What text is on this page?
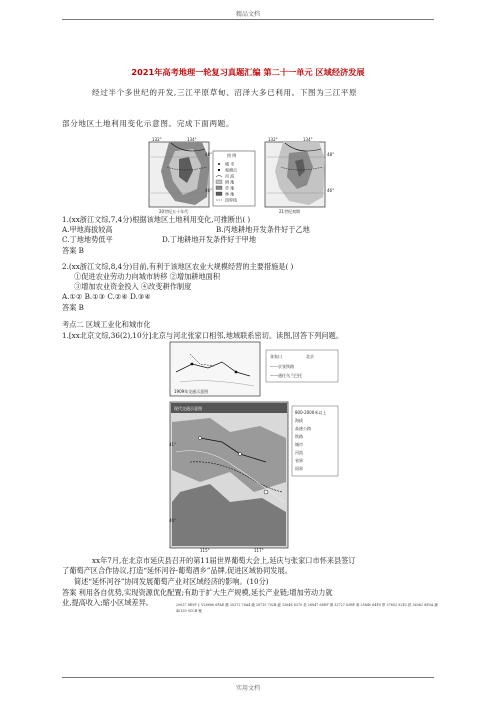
精品文档
2021年高考地理一轮复习真题汇编 第二十一单元 区域经济发展
经过半个多世纪的开发,三江平原草甸、沼泽大多已利用。下图为三江平原
部分地区土地利用变化示意图。完成下面两题。
图 例
城 市
观测点
河 流
耕 地
草 地
林 地
国界线
132°	134°	132°	134°
48°
46°
48°
46°
20世纪五十年代	21世纪初期
1.(xx浙江文综,7,4分)根据该地区土地利用变化,可推断出( )
A.甲地海拔较高	B.丙地耕地开发条件好于乙地
C.丁地地势低平	D.丁地耕地开发条件好于甲地
答案 B
2.(xx浙江文综,8,4分)目前,有利于该地区农业大规模经营的主要措施是( )
①促进农业劳动力向城市转移 ②增加耕地面积
③增加农业资金投入 ④改变耕作制度
A.①② B.①③ C.②④ D.③④
答案 B
考点二 区域工业化和城市化
1.[xx北京文综,36(2),10分]北京与河北张家口相邻,地域联系密切。读图,回答下列问题。
1909年交通示意图
张家口	北京
——京张铁路
——通往乌兰巴托
现代交通示意图
41°
40°
115°	117°
800-2000米以上
海拔
高速公路
铁路
城市
河流
省界
国界
xx年7月,在北京市延庆县召开的第11届世界葡萄大会上,延庆与张家口市怀来县签订
了葡萄产区合作协议,打造“延怀河谷·葡萄酒乡”品牌,促进区域协同发展。
简述“延怀河谷”协同发展葡萄产业对区域经济的影响。(10分)
答案 利用各自优势,实现资源优化配置;有助于扩大生产规模,延长产业链;增加劳动力就
业,提高收入;缩小区域差异。	20037 8E9F 纟V28686 6FAE 漮 30372 76A4 皤 28715 702B 瀫 33648 8370 荰 26847 68DF 棟 33727 83BF 莿 25840 64F0 擰 37602 92E2 鋢 36362 8E0A 踊 40139 9CCB 鳋
实用文档
